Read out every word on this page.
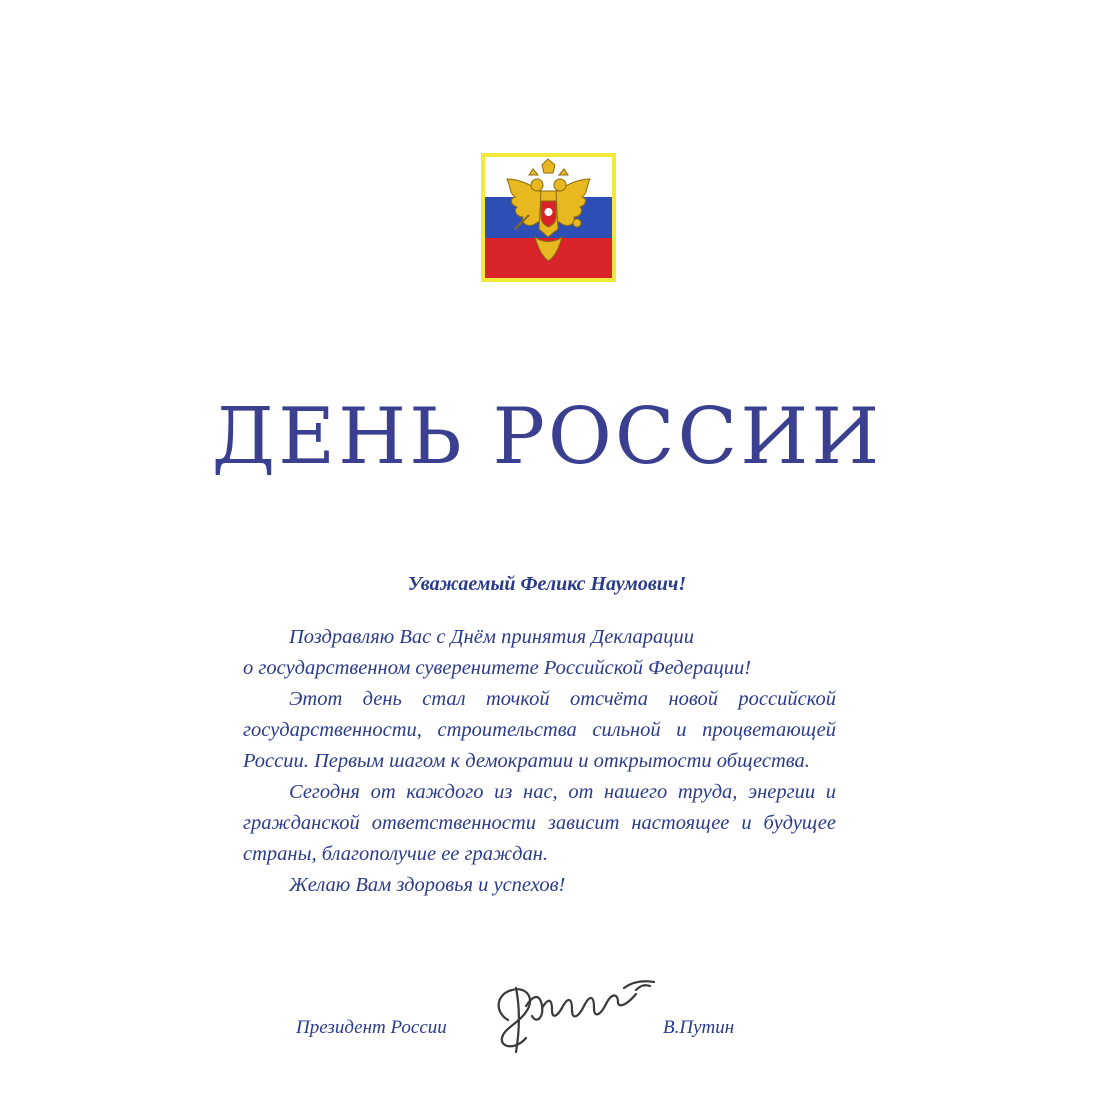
ДЕНЬ РОССИИ

Уважаемый Феликс Наумович!

Поздравляю Вас с Днём принятия Декларации

о государственном суверенитете Российской Федерации!

Этот день стал точкой отсчёта новой российской государственности, строительства сильной и процветающей России. Первым шагом к демократии и открытости общества.

Сегодня от каждого из нас, от нашего труда, энергии и гражданской ответственности зависит настоящее и будущее страны, благополучие ее граждан.

Желаю Вам здоровья и успехов!

Президент России	В.Путин
